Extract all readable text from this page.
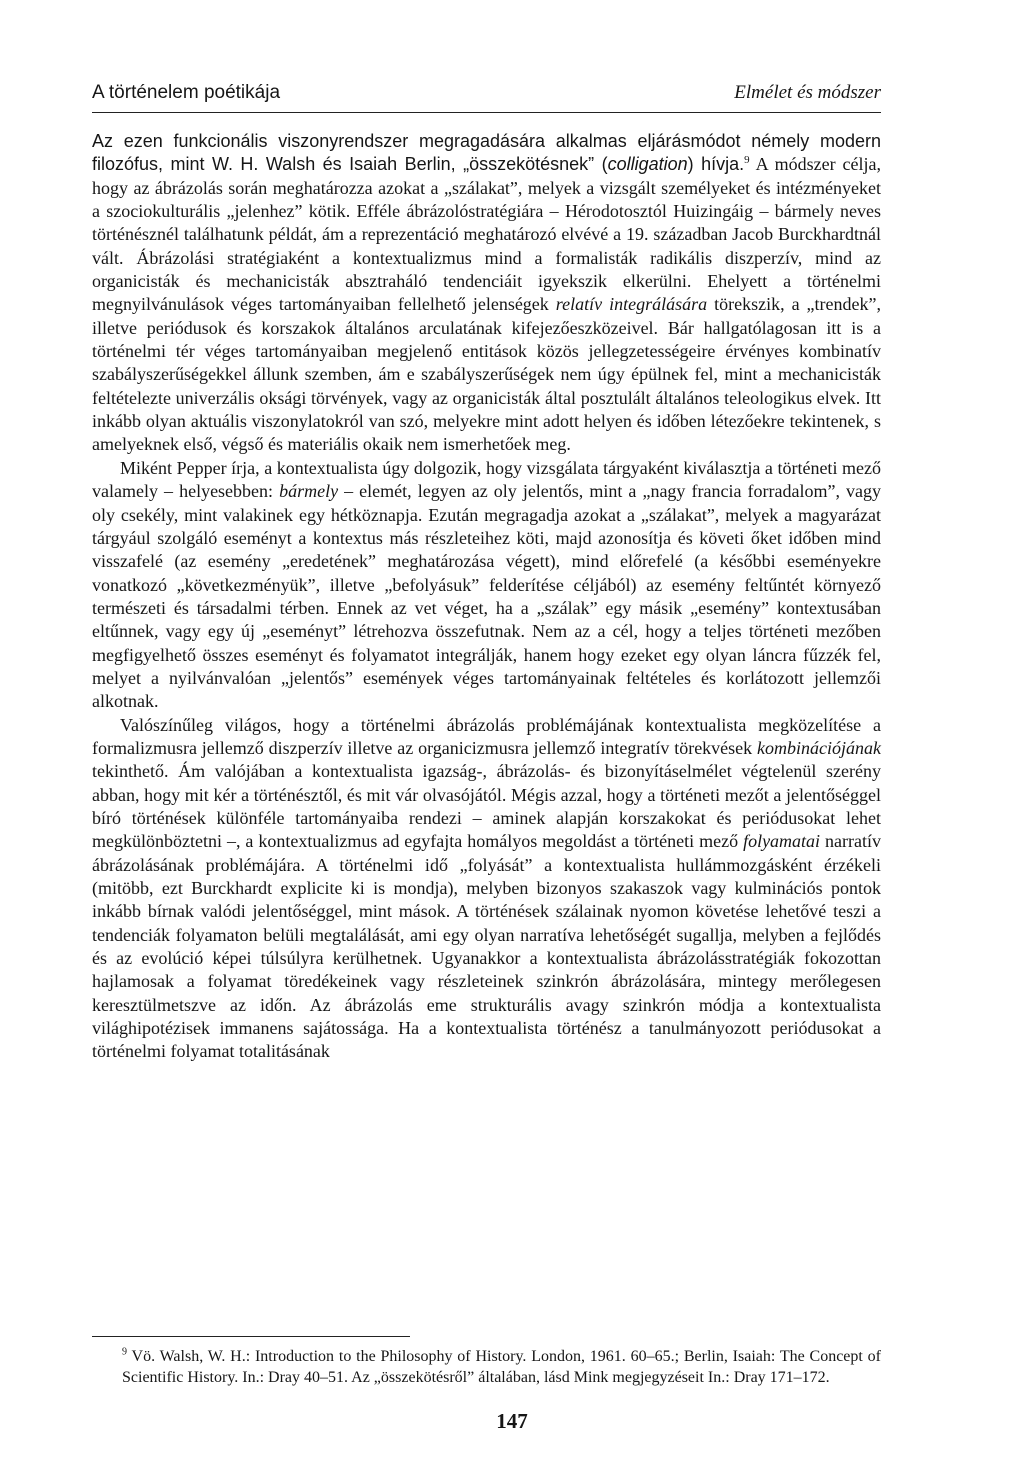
A történelem poétikája	Elmélet és módszer

Az ezen funkcionális viszonyrendszer megragadására alkalmas eljárásmódot némely modern filozófus, mint W. H. Walsh és Isaiah Berlin, „összekötésnek” (colligation) hívja.$^9$ A módszer célja, hogy az ábrázolás során meghatározza azokat a „szálakat”, melyek a vizsgált személyeket és intézményeket a szociokulturális „jelenhez” kötik. Efféle ábrázolóstratégiára – Hérodotosztól Huizingáig – bármely neves történésznél találhatunk példát, ám a reprezentáció meghatározó elvévé a 19. században Jacob Burckhardtnál vált. Ábrázolási stratégiaként a kontextualizmus mind a formalisták radikális diszperzív, mind az organicisták és mechanicisták absztraháló tendenciáit igyekszik elkerülni. Ehelyett a történelmi megnyilvánulások véges tartományaiban fellelhető jelenségek relatív integrálására törekszik, a „trendek”, illetve periódusok és korszakok általános arculatának kifejezőeszközeivel. Bár hallgatólagosan itt is a történelmi tér véges tartományaiban megjelenő entitások közös jellegzetességeire érvényes kombinatív szabályszerűségekkel állunk szemben, ám e szabályszerűségek nem úgy épülnek fel, mint a mechanicisták feltételezte univerzális oksági törvények, vagy az organicisták által posztulált általános teleologikus elvek. Itt inkább olyan aktuális viszonylatokról van szó, melyekre mint adott helyen és időben létezőekre tekintenek, s amelyeknek első, végső és materiális okaik nem ismerhetőek meg.

Miként Pepper írja, a kontextualista úgy dolgozik, hogy vizsgálata tárgyaként kiválasztja a történeti mező valamely – helyesebben: bármely – elemét, legyen az oly jelentős, mint a „nagy francia forradalom”, vagy oly csekély, mint valakinek egy hétköznapja. Ezután megragadja azokat a „szálakat”, melyek a magyarázat tárgyául szolgáló eseményt a kontextus más részleteihez köti, majd azonosítja és követi őket időben mind visszafelé (az esemény „eredetének” meghatározása végett), mind előrefelé (a későbbi eseményekre vonatkozó „következményük”, illetve „befolyásuk” felderítése céljából) az esemény feltűntét környező természeti és társadalmi térben. Ennek az vet véget, ha a „szálak” egy másik „esemény” kontextusában eltűnnek, vagy egy új „eseményt” létrehozva összefutnak. Nem az a cél, hogy a teljes történeti mezőben megfigyelhető összes eseményt és folyamatot integrálják, hanem hogy ezeket egy olyan láncra fűzzék fel, melyet a nyilvánvalóan „jelentős” események véges tartományainak feltételes és korlátozott jellemzői alkotnak.

Valószínűleg világos, hogy a történelmi ábrázolás problémájának kontextualista megközelítése a formalizmusra jellemző diszperzív illetve az organicizmusra jellemző integratív törekvések kombinációjának tekinthető. Ám valójában a kontextualista igazság-, ábrázolás- és bizonyításelmélet végtelenül szerény abban, hogy mit kér a történésztől, és mit vár olvasójától. Mégis azzal, hogy a történeti mezőt a jelentőséggel bíró történések különféle tartományaiba rendezi – aminek alapján korszakokat és periódusokat lehet megkülönböztetni –, a kontextualizmus ad egyfajta homályos megoldást a történeti mező folyamatai narratív ábrázolásának problémájára. A történelmi idő „folyását” a kontextualista hullámmozgásként érzékeli (mitöbb, ezt Burckhardt explicite ki is mondja), melyben bizonyos szakaszok vagy kulminációs pontok inkább bírnak valódi jelentőséggel, mint mások. A történések szálainak nyomon követése lehetővé teszi a tendenciák folyamaton belüli megtalálását, ami egy olyan narratíva lehetőségét sugallja, melyben a fejlődés és az evolúció képei túlsúlyra kerülhetnek. Ugyanakkor a kontextualista ábrázolásstratégiák fokozottan hajlamosak a folyamat töredékeinek vagy részleteinek szinkrón ábrázolására, mintegy merőlegesen keresztülmetszve az időn. Az ábrázolás eme strukturális avagy szinkrón módja a kontextualista világhipotézisek immanens sajátossága. Ha a kontextualista történész a tanulmányozott periódusokat a történelmi folyamat totalitásának

$^9$ Vö. Walsh, W. H.: Introduction to the Philosophy of History. London, 1961. 60–65.; Berlin, Isaiah: The Concept of Scientific History. In.: Dray 40–51. Az „összekötésről” általában, lásd Mink megjegyzéseit In.: Dray 171–172.
147
